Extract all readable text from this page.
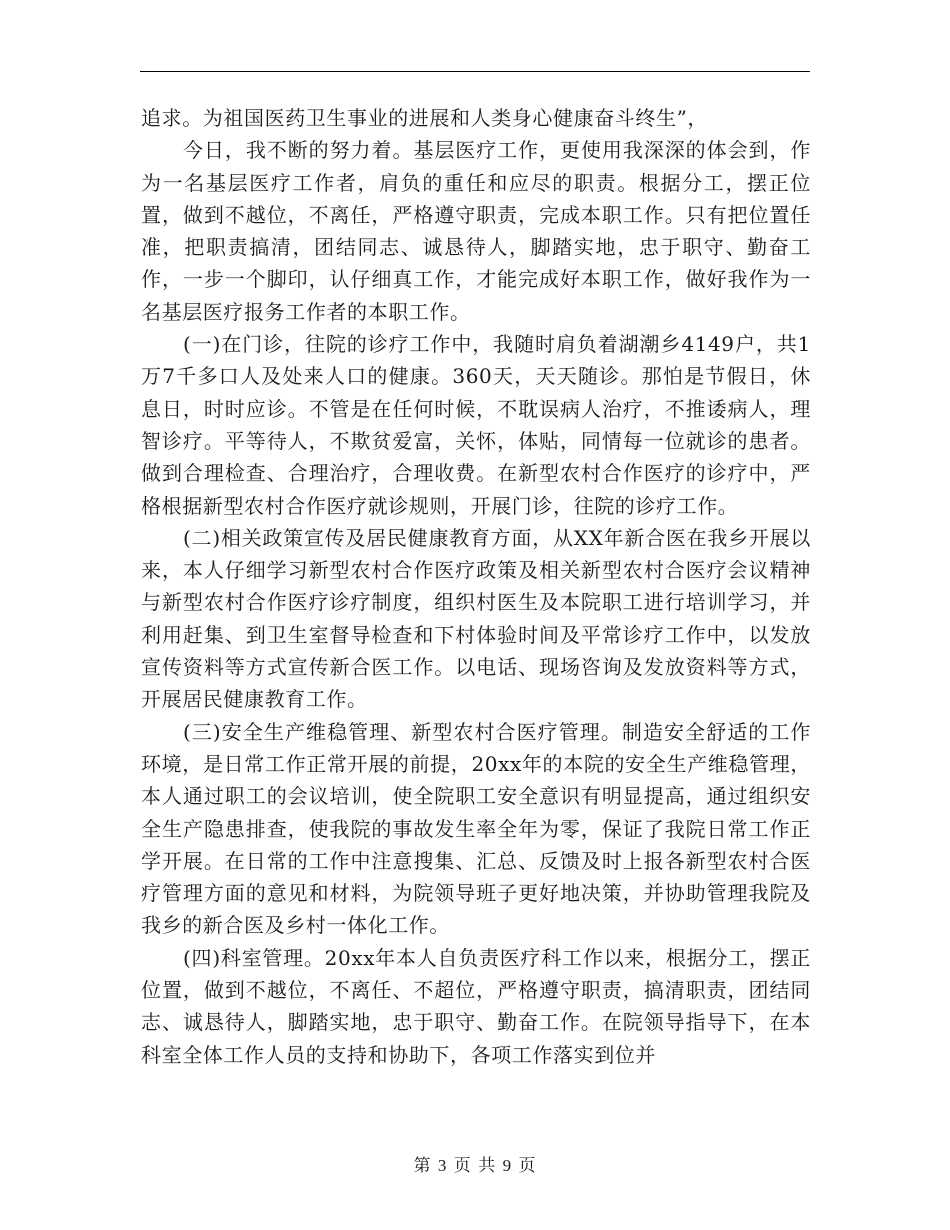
追求。为祖国医药卫生事业的进展和人类身心健康奋斗终生”，

今日，我不断的努力着。基层医疗工作，更使用我深深的体会到，作为一名基层医疗工作者，肩负的重任和应尽的职责。根据分工，摆正位置，做到不越位，不离任，严格遵守职责，完成本职工作。只有把位置任准，把职责搞清，团结同志、诚恳待人，脚踏实地，忠于职守、勤奋工作，一步一个脚印，认仔细真工作，才能完成好本职工作，做好我作为一名基层医疗报务工作者的本职工作。

(一)在门诊，往院的诊疗工作中，我随时肩负着湖潮乡4149户，共1万7千多口人及处来人口的健康。360天，天天随诊。那怕是节假日，休息日，时时应诊。不管是在任何时候，不耽误病人治疗，不推诿病人，理智诊疗。平等待人，不欺贫爱富，关怀，体贴，同情每一位就诊的患者。做到合理检查、合理治疗，合理收费。在新型农村合作医疗的诊疗中，严格根据新型农村合作医疗就诊规则，开展门诊，往院的诊疗工作。

(二)相关政策宣传及居民健康教育方面，从XX年新合医在我乡开展以来，本人仔细学习新型农村合作医疗政策及相关新型农村合医疗会议精神与新型农村合作医疗诊疗制度，组织村医生及本院职工进行培训学习，并利用赶集、到卫生室督导检查和下村体验时间及平常诊疗工作中，以发放宣传资料等方式宣传新合医工作。以电话、现场咨询及发放资料等方式，开展居民健康教育工作。

(三)安全生产维稳管理、新型农村合医疗管理。制造安全舒适的工作环境，是日常工作正常开展的前提，20xx年的本院的安全生产维稳管理，本人通过职工的会议培训，使全院职工安全意识有明显提高，通过组织安全生产隐患排查，使我院的事故发生率全年为零，保证了我院日常工作正学开展。在日常的工作中注意搜集、汇总、反馈及时上报各新型农村合医疗管理方面的意见和材料，为院领导班子更好地决策，并协助管理我院及我乡的新合医及乡村一体化工作。

(四)科室管理。20xx年本人自负责医疗科工作以来，根据分工，摆正位置，做到不越位，不离任、不超位，严格遵守职责，搞清职责，团结同志、诚恳待人，脚踏实地，忠于职守、勤奋工作。在院领导指导下，在本科室全体工作人员的支持和协助下，各项工作落实到位并

第 3 页 共 9 页
